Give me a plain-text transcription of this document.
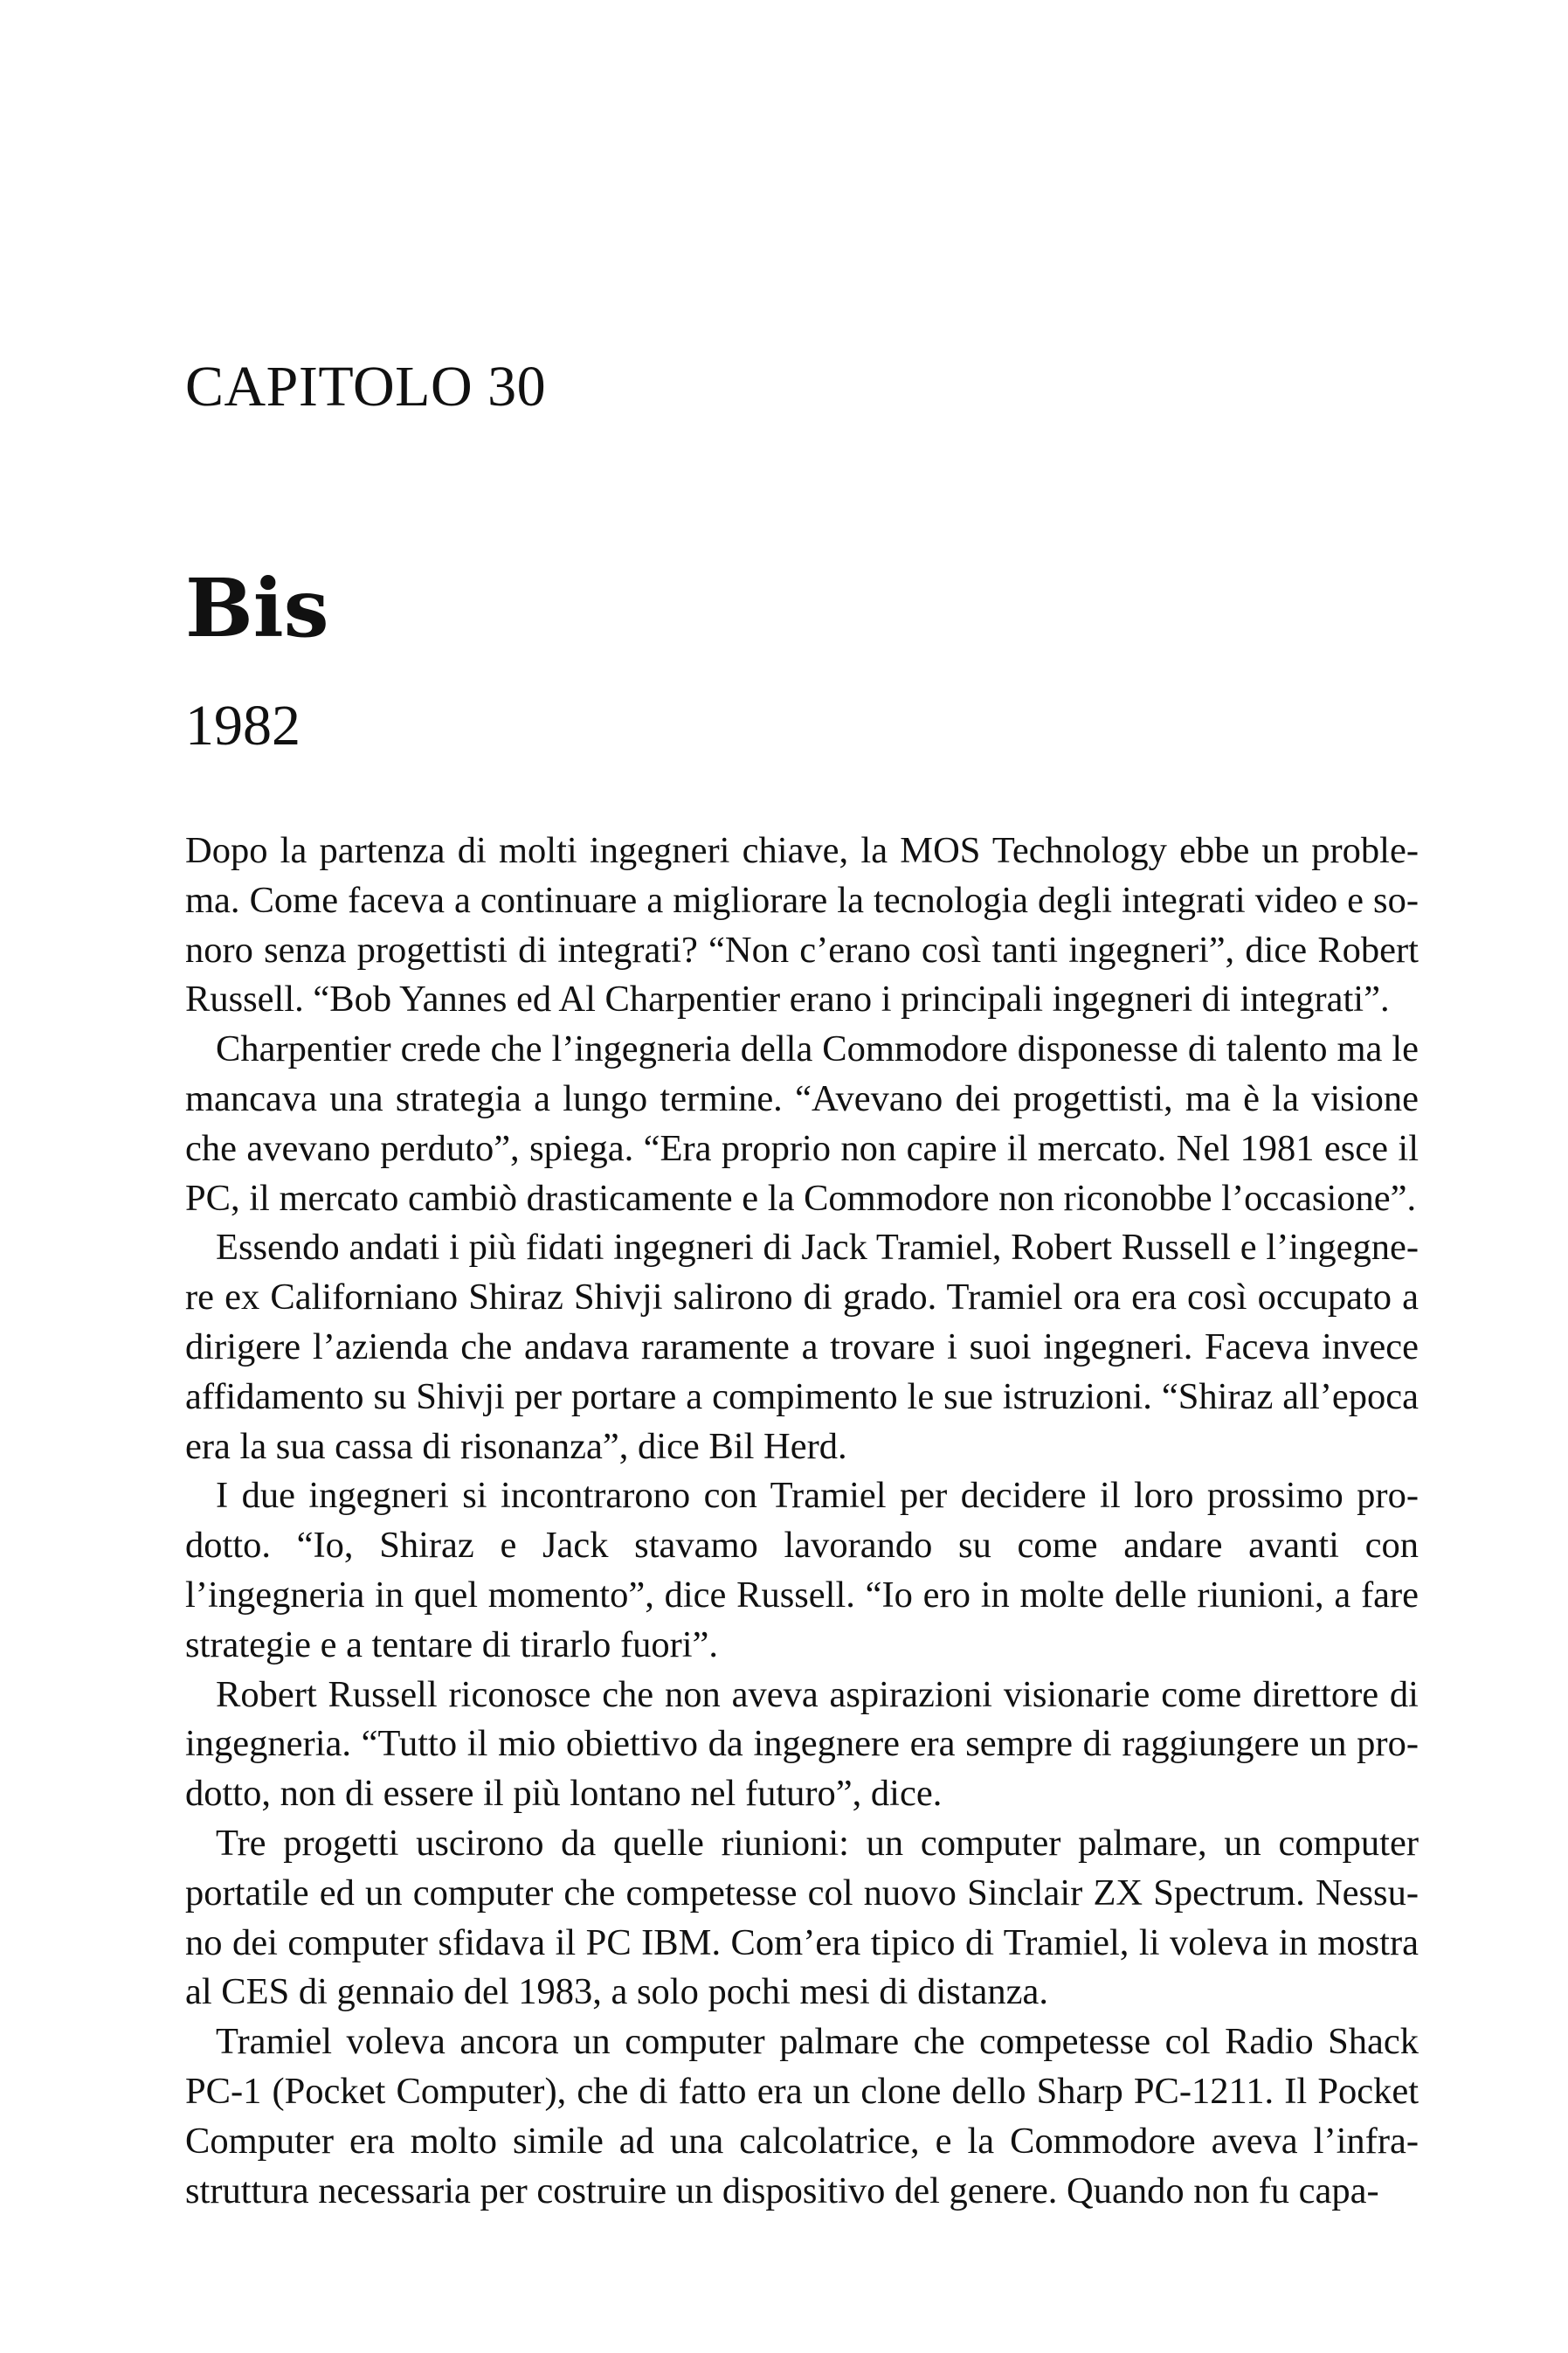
CAPITOLO 30
Bis
1982

Dopo la partenza di molti ingegneri chiave, la MOS Technology ebbe un problema. Come faceva a continuare a migliorare la tecnologia degli integrati video e sonoro senza progettisti di integrati? “Non c’erano così tanti ingegneri”, dice Robert Russell. “Bob Yannes ed Al Charpentier erano i principali ingegneri di integrati”.

Charpentier crede che l’ingegneria della Commodore disponesse di talento ma le mancava una strategia a lungo termine. “Avevano dei progettisti, ma è la visione che avevano perduto”, spiega. “Era proprio non capire il mercato. Nel 1981 esce il PC, il mercato cambiò drasticamente e la Commodore non riconobbe l’occasione”.

Essendo andati i più fidati ingegneri di Jack Tramiel, Robert Russell e l’ingegnere ex Californiano Shiraz Shivji salirono di grado. Tramiel ora era così occupato a dirigere l’azienda che andava raramente a trovare i suoi ingegneri. Faceva invece affidamento su Shivji per portare a compimento le sue istruzioni. “Shiraz all’epoca era la sua cassa di risonanza”, dice Bil Herd.

I due ingegneri si incontrarono con Tramiel per decidere il loro prossimo prodotto. “Io, Shiraz e Jack stavamo lavorando su come andare avanti con l’ingegneria in quel momento”, dice Russell. “Io ero in molte delle riunioni, a fare strategie e a tentare di tirarlo fuori”.

Robert Russell riconosce che non aveva aspirazioni visionarie come direttore di ingegneria. “Tutto il mio obiettivo da ingegnere era sempre di raggiungere un prodotto, non di essere il più lontano nel futuro”, dice.

Tre progetti uscirono da quelle riunioni: un computer palmare, un computer portatile ed un computer che competesse col nuovo Sinclair ZX Spectrum. Nessuno dei computer sfidava il PC IBM. Com’era tipico di Tramiel, li voleva in mostra al CES di gennaio del 1983, a solo pochi mesi di distanza.

Tramiel voleva ancora un computer palmare che competesse col Radio Shack PC-1 (Pocket Computer), che di fatto era un clone dello Sharp PC-1211. Il Pocket Computer era molto simile ad una calcolatrice, e la Commodore aveva l’infrastruttura necessaria per costruire un dispositivo del genere. Quando non fu capa-
